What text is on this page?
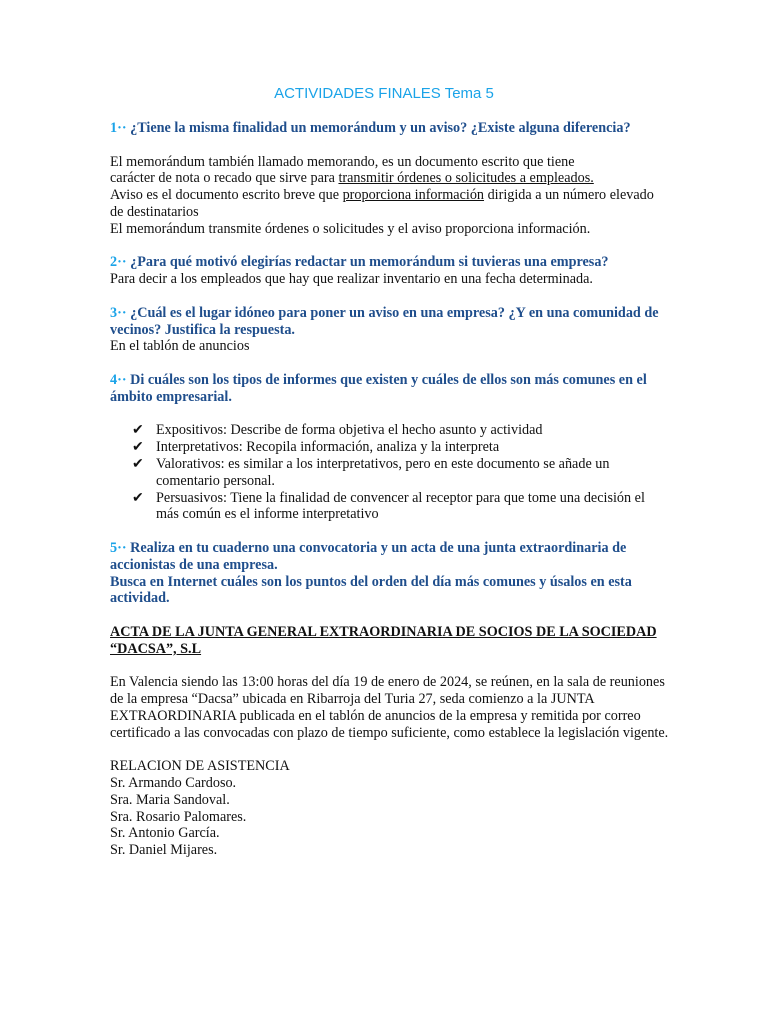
ACTIVIDADES FINALES Tema 5

1·· ¿Tiene la misma finalidad un memorándum y un aviso? ¿Existe alguna diferencia?

El memorándum también llamado memorando, es un documento escrito que tiene

carácter de nota o recado que sirve para transmitir órdenes o solicitudes a empleados.

Aviso es el documento escrito breve que proporciona información dirigida a un número elevado de destinatarios

El memorándum transmite órdenes o solicitudes y el aviso proporciona información.

2·· ¿Para qué motivó elegirías redactar un memorándum si tuvieras una empresa?

Para decir a los empleados que hay que realizar inventario en una fecha determinada.

3·· ¿Cuál es el lugar idóneo para poner un aviso en una empresa? ¿Y en una comunidad de vecinos? Justifica la respuesta.

En el tablón de anuncios

4·· Di cuáles son los tipos de informes que existen y cuáles de ellos son más comunes en el ámbito empresarial.

✔ Expositivos: Describe de forma objetiva el hecho asunto y actividad
✔ Interpretativos: Recopila información, analiza y la interpreta
✔ Valorativos: es similar a los interpretativos, pero en este documento se añade un comentario personal.
✔ Persuasivos: Tiene la finalidad de convencer al receptor para que tome una decisión el más común es el informe interpretativo

5·· Realiza en tu cuaderno una convocatoria y un acta de una junta extraordinaria de accionistas de una empresa.

Busca en Internet cuáles son los puntos del orden del día más comunes y úsalos en esta actividad.

ACTA DE LA JUNTA GENERAL EXTRAORDINARIA DE SOCIOS DE LA SOCIEDAD “DACSA”, S.L

En Valencia siendo las 13:00 horas del día 19 de enero de 2024, se reúnen, en la sala de reuniones de la empresa “Dacsa” ubicada en Ribarroja del Turia 27, seda comienzo a la JUNTA EXTRAORDINARIA publicada en el tablón de anuncios de la empresa y remitida por correo certificado a las convocadas con plazo de tiempo suficiente, como establece la legislación vigente.

RELACION DE ASISTENCIA

Sr. Armando Cardoso.

Sra. Maria Sandoval.

Sra. Rosario Palomares.

Sr. Antonio García.

Sr. Daniel Mijares.
